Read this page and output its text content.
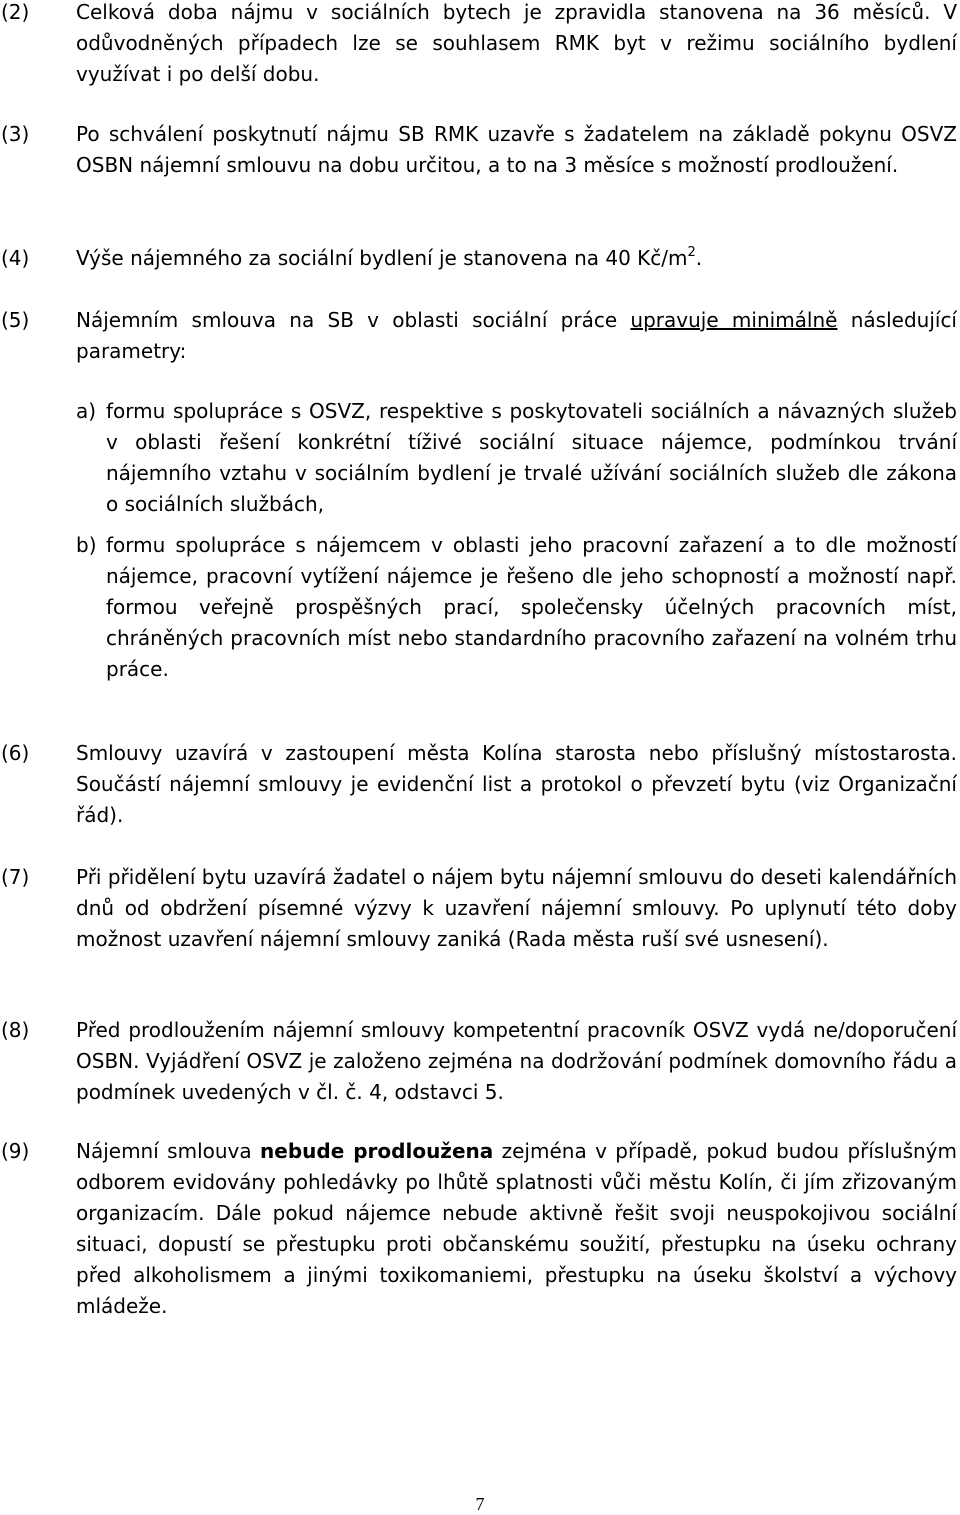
(2) Celková doba nájmu v sociálních bytech je zpravidla stanovena na 36 měsíců. V odůvodněných případech lze se souhlasem RMK byt v režimu sociálního bydlení využívat i po delší dobu.
(3) Po schválení poskytnutí nájmu SB RMK uzavře s žadatelem na základě pokynu OSVZ OSBN nájemní smlouvu na dobu určitou, a to na 3 měsíce s možností prodloužení.
(4) Výše nájemného za sociální bydlení je stanovena na 40 $Kč/m^2$.
(5) Nájemním smlouva na SB v oblasti sociální práce upravuje minimálně následující parametry:
a) formu spolupráce s OSVZ, respektive s poskytovateli sociálních a návazných služeb v oblasti řešení konkrétní tíživé sociální situace nájemce, podmínkou trvání nájemního vztahu v sociálním bydlení je trvalé užívání sociálních služeb dle zákona o sociálních službách,
b) formu spolupráce s nájemcem v oblasti jeho pracovní zařazení a to dle možností nájemce, pracovní vytížení nájemce je řešeno dle jeho schopností a možností např. formou veřejně prospěšných prací, společensky účelných pracovních míst, chráněných pracovních míst nebo standardního pracovního zařazení na volném trhu práce.
(6) Smlouvy uzavírá v zastoupení města Kolína starosta nebo příslušný místostarosta. Součástí nájemní smlouvy je evidenční list a protokol o převzetí bytu (viz Organizační řád).
(7) Při přidělení bytu uzavírá žadatel o nájem bytu nájemní smlouvu do deseti kalendářních dnů od obdržení písemné výzvy k uzavření nájemní smlouvy. Po uplynutí této doby možnost uzavření nájemní smlouvy zaniká (Rada města ruší své usnesení).
(8) Před prodloužením nájemní smlouvy kompetentní pracovník OSVZ vydá ne/doporučení OSBN. Vyjádření OSVZ je založeno zejména na dodržování podmínek domovního řádu a podmínek uvedených v čl. č. 4, odstavci 5.
(9) Nájemní smlouva nebude prodloužena zejména v případě, pokud budou příslušným odborem evidovány pohledávky po lhůtě splatnosti vůči městu Kolín, či jím zřizovaným organizacím. Dále pokud nájemce nebude aktivně řešit svoji neuspokojivou sociální situaci, dopustí se přestupku proti občanskému soužití, přestupku na úseku ochrany před alkoholismem a jinými toxikomaniemi, přestupku na úseku školství a výchovy mládeže.
7
